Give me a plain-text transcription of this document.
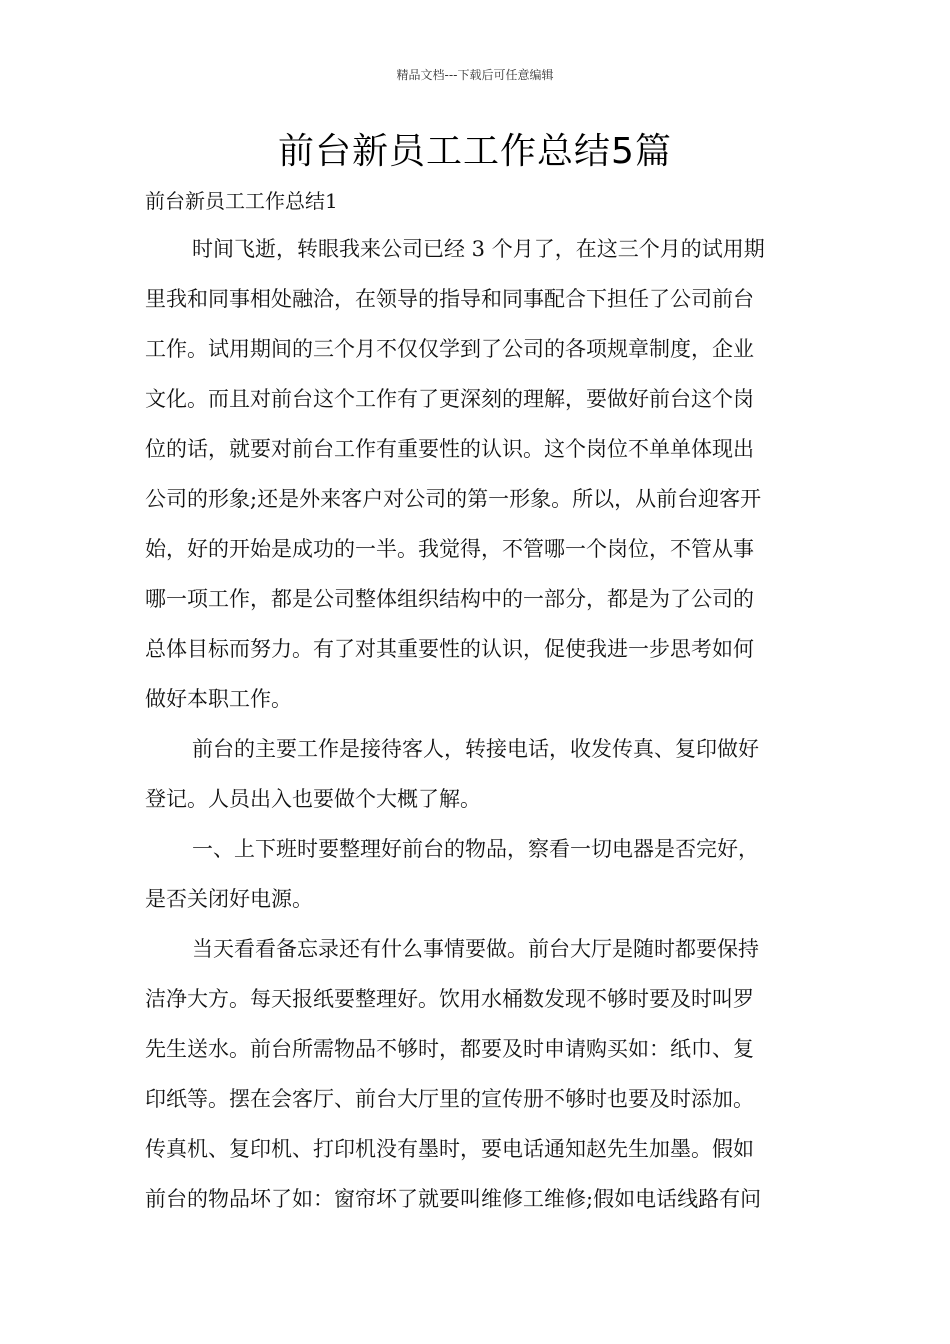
精品文档---下载后可任意编辑
前台新员工工作总结5篇
前台新员工工作总结1
时间飞逝，转眼我来公司已经 3 个月了，在这三个月的试用期
里我和同事相处融洽，在领导的指导和同事配合下担任了公司前台
工作。试用期间的三个月不仅仅学到了公司的各项规章制度，企业
文化。而且对前台这个工作有了更深刻的理解，要做好前台这个岗
位的话，就要对前台工作有重要性的认识。这个岗位不单单体现出
公司的形象;还是外来客户对公司的第一形象。所以，从前台迎客开
始，好的开始是成功的一半。我觉得，不管哪一个岗位，不管从事
哪一项工作，都是公司整体组织结构中的一部分，都是为了公司的
总体目标而努力。有了对其重要性的认识，促使我进一步思考如何
做好本职工作。
前台的主要工作是接待客人，转接电话，收发传真、复印做好
登记。人员出入也要做个大概了解。
一、上下班时要整理好前台的物品，察看一切电器是否完好，
是否关闭好电源。
当天看看备忘录还有什么事情要做。前台大厅是随时都要保持
洁净大方。每天报纸要整理好。饮用水桶数发现不够时要及时叫罗
先生送水。前台所需物品不够时，都要及时申请购买如：纸巾、复
印纸等。摆在会客厅、前台大厅里的宣传册不够时也要及时添加。
传真机、复印机、打印机没有墨时，要电话通知赵先生加墨。假如
前台的物品坏了如：窗帘坏了就要叫维修工维修;假如电话线路有问
